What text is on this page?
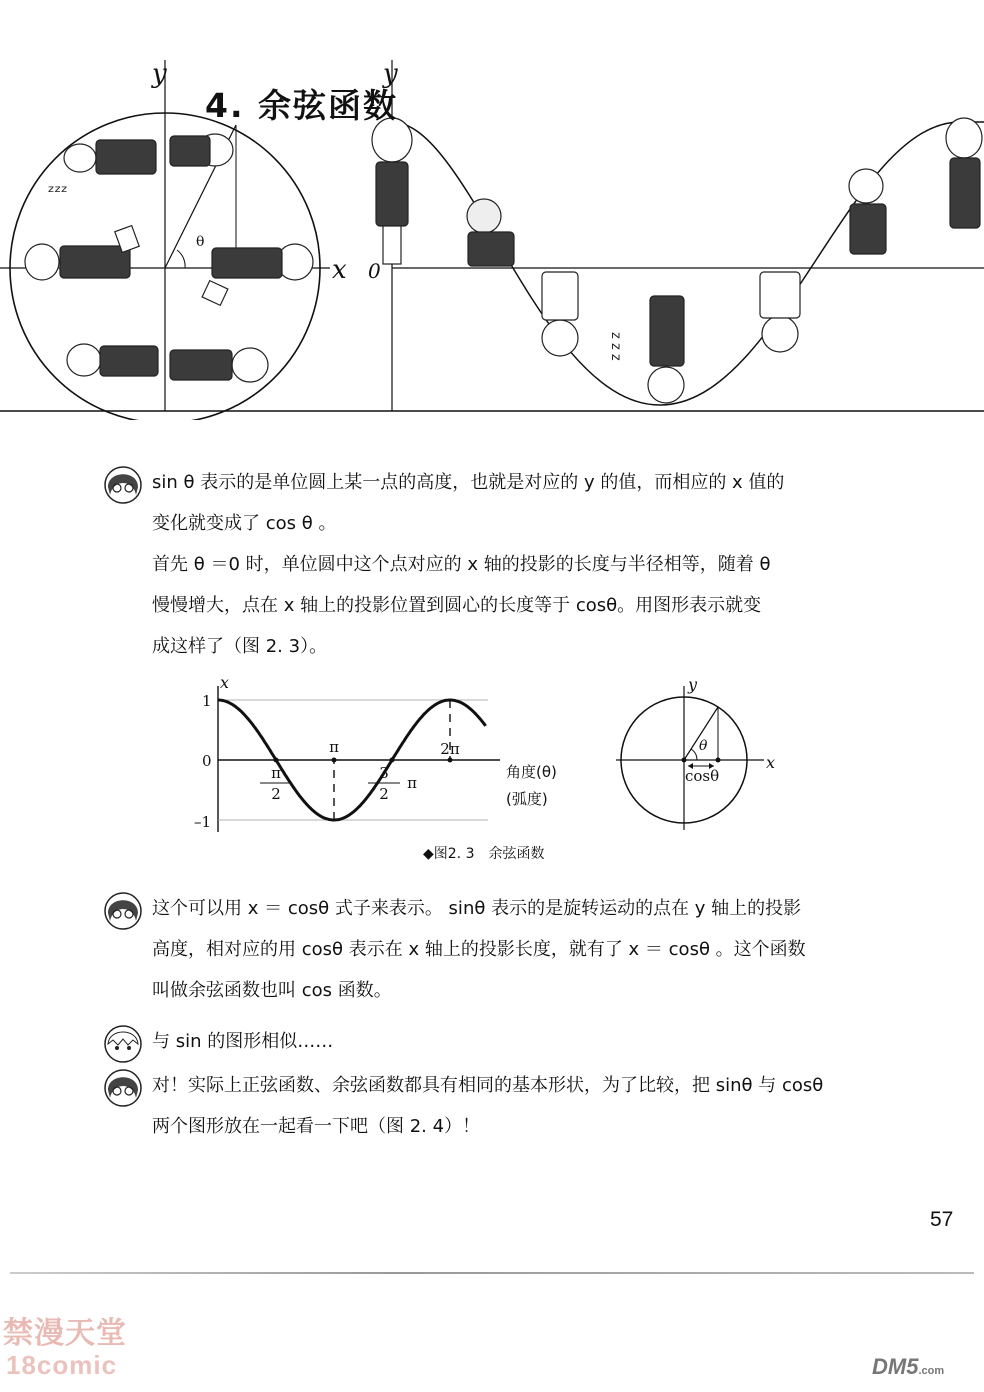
ᶻᶻᶻ
y
x
θ
y
0
z z z
4. 余弦函数
sin θ 表示的是单位圆上某一点的高度，也就是对应的 y 的值，而相应的 x 值的
变化就变成了 cos θ 。
首先 θ ＝0 时，单位圆中这个点对应的 x 轴的投影的长度与半径相等，随着 θ
慢慢增大，点在 x 轴上的投影位置到圆心的长度等于 cosθ。用图形表示就变
成这样了（图 2. 3）。
π
2
π
3
2
π
2π
x
1
0
–1
角度(θ)
(弧度)
y
x
θ
cosθ
◆图2. 3　余弦函数
这个可以用 x ＝ cosθ 式子来表示。 sinθ 表示的是旋转运动的点在 y 轴上的投影
高度，相对应的用 cosθ 表示在 x 轴上的投影长度，就有了 x ＝ cosθ 。这个函数
叫做余弦函数也叫 cos 函数。
与 sin 的图形相似……
对！实际上正弦函数、余弦函数都具有相同的基本形状，为了比较，把 sinθ 与 cosθ
两个图形放在一起看一下吧（图 2. 4）！
57
禁漫天堂
18comic	DM5.com
